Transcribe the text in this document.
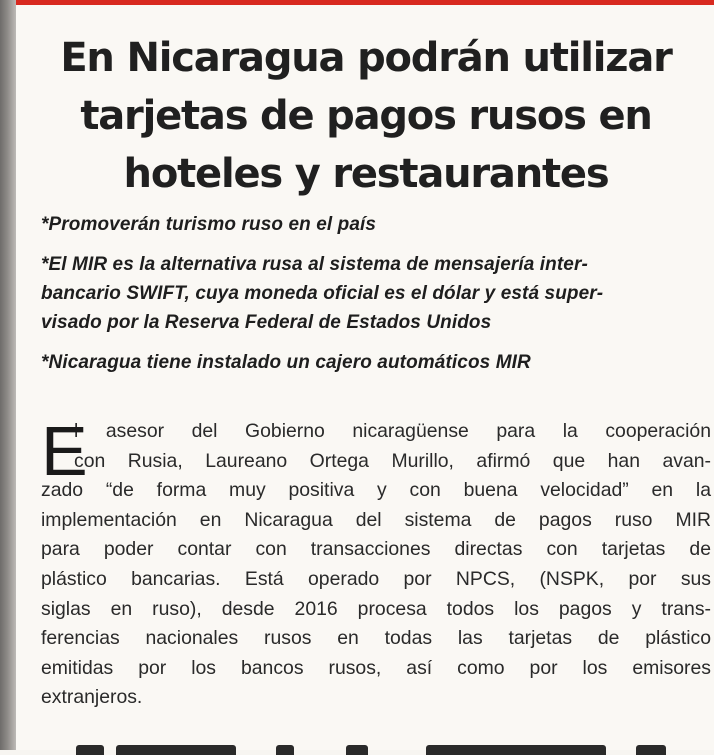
En Nicaragua podrán utilizar
tarjetas de pagos rusos en
hoteles y restaurantes

*Promoverán turismo ruso en el país

*El MIR es la alternativa rusa al sistema de mensajería inter-
bancario SWIFT, cuya moneda oficial es el dólar y está super-
visado por la Reserva Federal de Estados Unidos

*Nicaragua tiene instalado un cajero automáticos MIR

E
l asesor del Gobierno nicaragüense para la cooperación
con Rusia, Laureano Ortega Murillo, afirmó que han avan-
zado “de forma muy positiva y con buena velocidad” en la
implementación en Nicaragua del sistema de pagos ruso MIR
para poder contar con transacciones directas con tarjetas de
plástico bancarias. Está operado por NPCS, (NSPK, por sus
siglas en ruso), desde 2016 procesa todos los pagos y trans-
ferencias nacionales rusos en todas las tarjetas de plástico
emitidas por los bancos rusos, así como por los emisores
extranjeros.
